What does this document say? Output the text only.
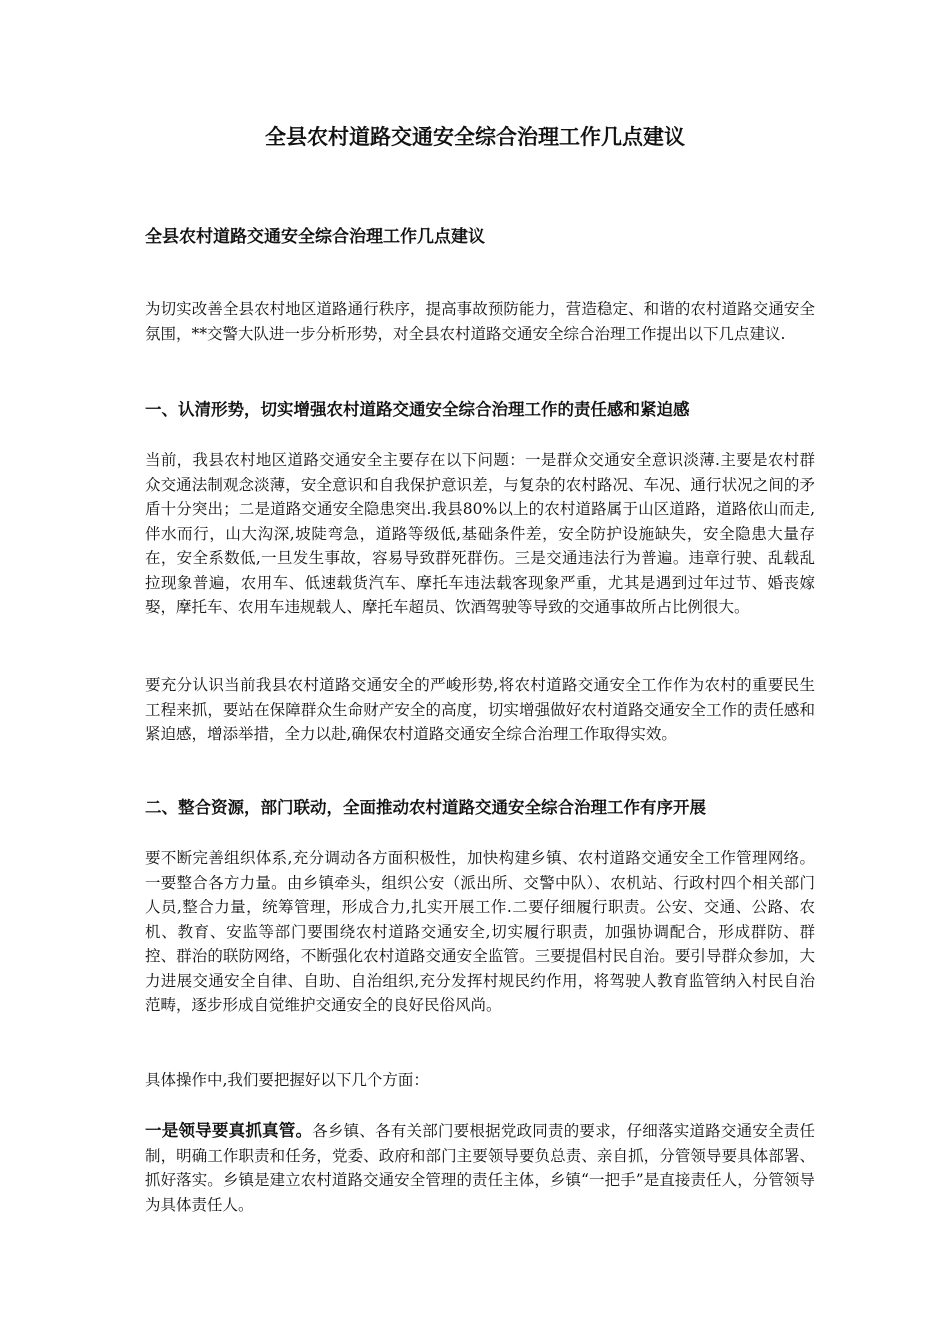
全县农村道路交通安全综合治理工作几点建议
全县农村道路交通安全综合治理工作几点建议

为切实改善全县农村地区道路通行秩序，提高事故预防能力，营造稳定、和谐的农村道路交通安全氛围，**交警大队进一步分析形势，对全县农村道路交通安全综合治理工作提出以下几点建议.

一、认清形势，切实增强农村道路交通安全综合治理工作的责任感和紧迫感

当前，我县农村地区道路交通安全主要存在以下问题：一是群众交通安全意识淡薄.主要是农村群众交通法制观念淡薄，安全意识和自我保护意识差，与复杂的农村路况、车况、通行状况之间的矛盾十分突出；二是道路交通安全隐患突出.我县80%以上的农村道路属于山区道路，道路依山而走,伴水而行，山大沟深,坡陡弯急，道路等级低,基础条件差，安全防护设施缺失，安全隐患大量存在，安全系数低,一旦发生事故，容易导致群死群伤。三是交通违法行为普遍。违章行驶、乱载乱拉现象普遍，农用车、低速载货汽车、摩托车违法载客现象严重，尤其是遇到过年过节、婚丧嫁娶，摩托车、农用车违规载人、摩托车超员、饮酒驾驶等导致的交通事故所占比例很大。

要充分认识当前我县农村道路交通安全的严峻形势,将农村道路交通安全工作作为农村的重要民生工程来抓，要站在保障群众生命财产安全的高度，切实增强做好农村道路交通安全工作的责任感和紧迫感，增添举措，全力以赴,确保农村道路交通安全综合治理工作取得实效。

二、整合资源，部门联动，全面推动农村道路交通安全综合治理工作有序开展

要不断完善组织体系,充分调动各方面积极性，加快构建乡镇、农村道路交通安全工作管理网络。一要整合各方力量。由乡镇牵头，组织公安（派出所、交警中队）、农机站、行政村四个相关部门人员,整合力量，统筹管理，形成合力,扎实开展工作.二要仔细履行职责。公安、交通、公路、农机、教育、安监等部门要围绕农村道路交通安全,切实履行职责，加强协调配合，形成群防、群控、群治的联防网络，不断强化农村道路交通安全监管。三要提倡村民自治。要引导群众参加，大力进展交通安全自律、自助、自治组织,充分发挥村规民约作用，将驾驶人教育监管纳入村民自治范畴，逐步形成自觉维护交通安全的良好民俗风尚。

具体操作中,我们要把握好以下几个方面：

一是领导要真抓真管。各乡镇、各有关部门要根据党政同责的要求，仔细落实道路交通安全责任制，明确工作职责和任务，党委、政府和部门主要领导要负总责、亲自抓，分管领导要具体部署、抓好落实。乡镇是建立农村道路交通安全管理的责任主体，乡镇“一把手”是直接责任人，分管领导为具体责任人。
